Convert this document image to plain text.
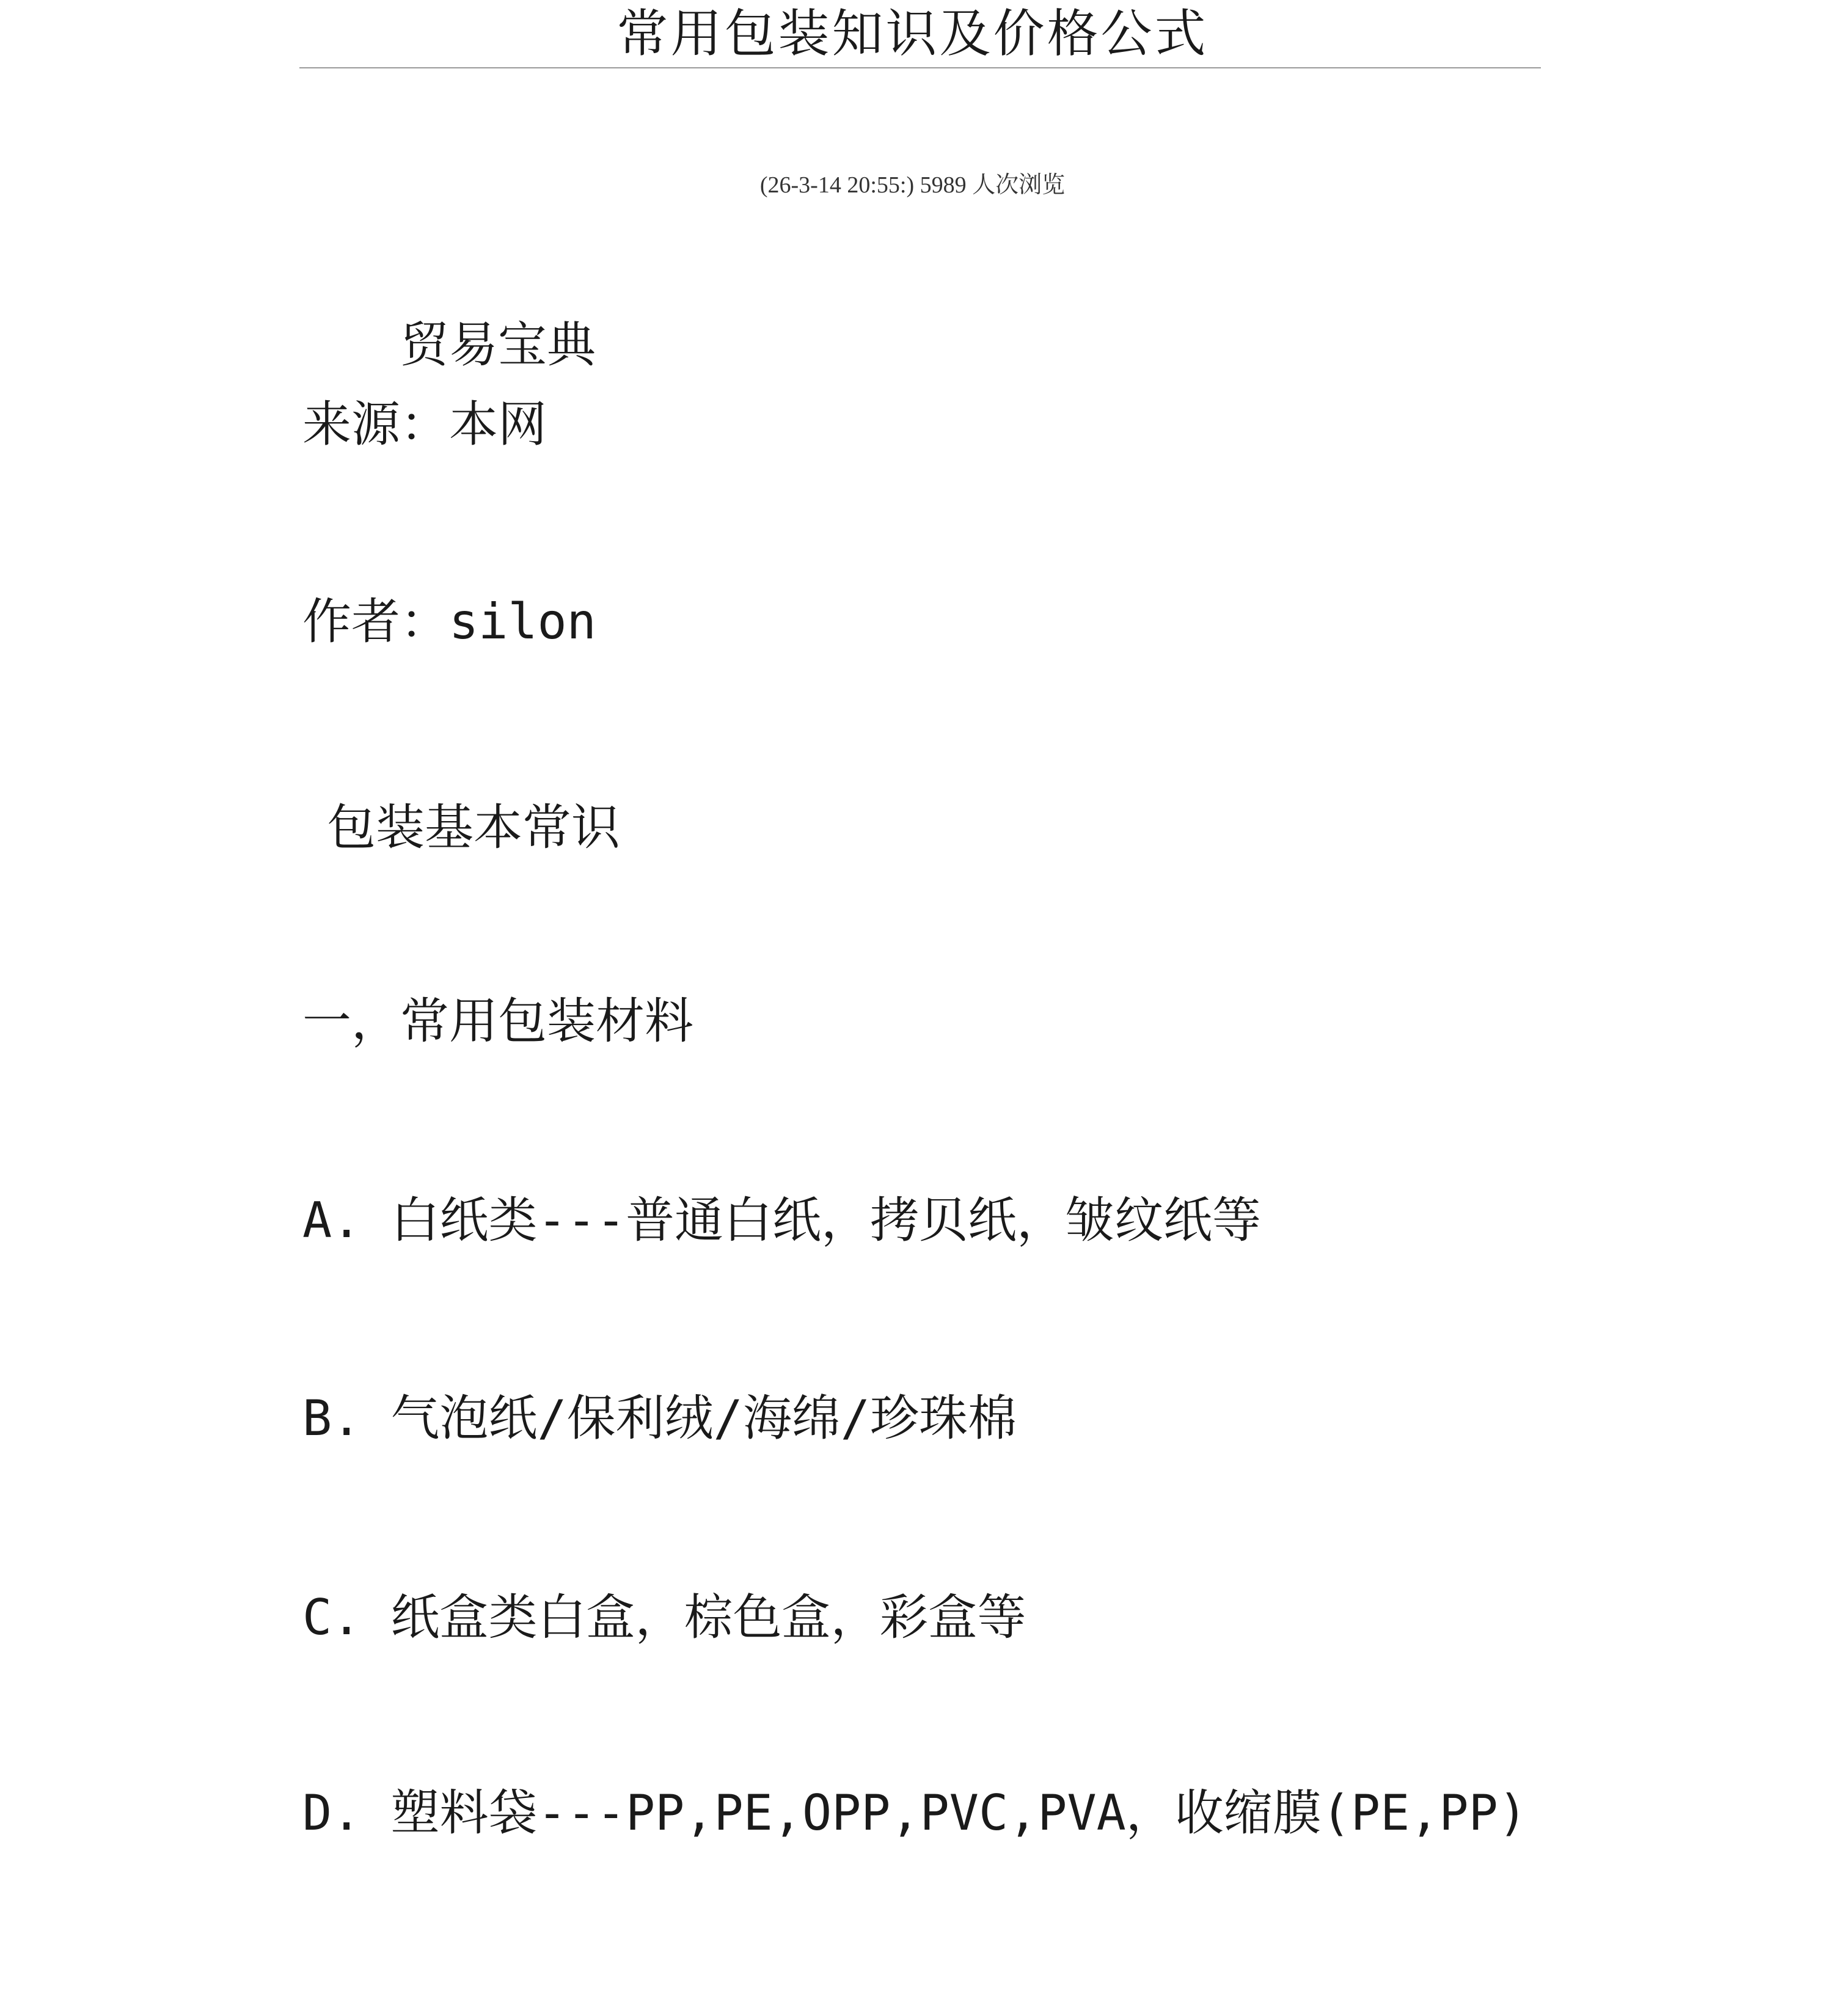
常用包装知识及价格公式
(26-3-14 20:55:) 5989 人次浏览
贸易宝典
来源：本网
作者：silon
包装基本常识
一，常用包装材料
A. 白纸类---普通白纸，拷贝纸，皱纹纸等
B. 气泡纸/保利绒/海绵/珍珠棉
C. 纸盒类白盒，棕色盒，彩盒等
D. 塑料袋---PP,PE,OPP,PVC,PVA，收缩膜(PE,PP)
